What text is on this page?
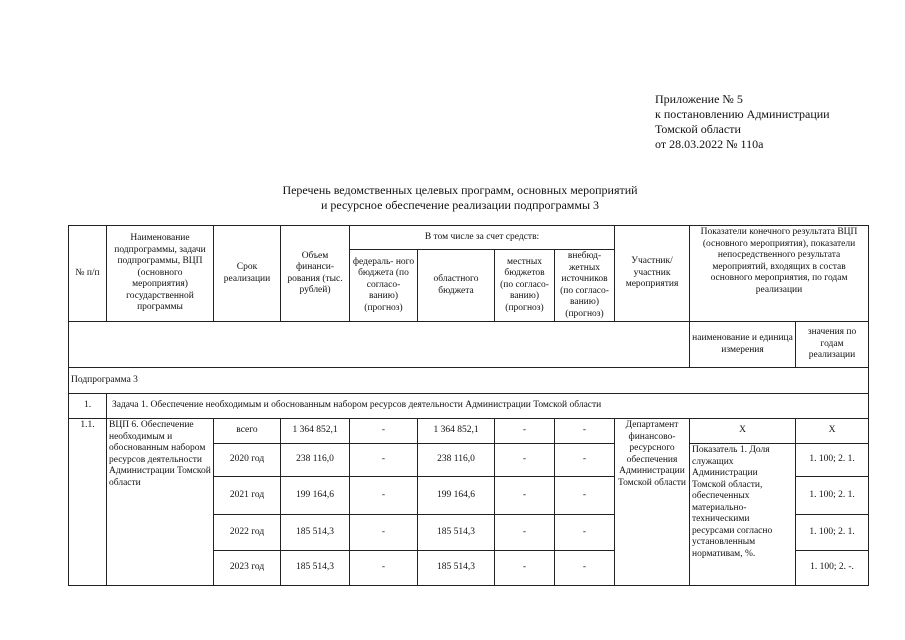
Приложение № 5
к постановлению Администрации
Томской области
от 28.03.2022 № 110а
Перечень ведомственных целевых программ, основных мероприятий
и ресурсное обеспечение реализации подпрограммы 3
№ п/п	Наименование подпрограммы, задачи подпрограммы, ВЦП (основного мероприятия) государственной программы	Срок реализации	Объем финанси- рования (тыс. рублей)	В том числе за счет средств:				Участник/ участник мероприятия	Показатели конечного результата ВЦП (основного мероприятия), показатели непосредственного результата мероприятий, входящих в состав основного мероприятия, по годам реализации	
				федераль- ного бюджета (по согласо- ванию) (прогноз)	областного бюджета	местных бюджетов (по согласо- ванию) (прогноз)	внебюд- жетных источников (по согласо- ванию) (прогноз)			
									наименование и единица измерения	значения по годам реализации
Подпрограмма 3										
1.	Задача 1. Обеспечение необходимым и обоснованным набором ресурсов деятельности Администрации Томской области									
1.1.	ВЦП 6. Обеспечение необходимым и обоснованным набором ресурсов деятельности Администрации Томской области	всего	1 364 852,1	-	1 364 852,1	-	-	Департамент финансово-ресурсного обеспечения Администрации Томской области	X	X
		2020 год	238 116,0	-	238 116,0	-	-		Показатель 1. Доля служащих Администрации Томской области, обеспеченных материально-техническими ресурсами согласно установленным нормативам, %.	1. 100; 2. 1.
		2021 год	199 164,6	-	199 164,6	-	-			1. 100; 2. 1.
		2022 год	185 514,3	-	185 514,3	-	-			1. 100; 2. 1.
		2023 год	185 514,3	-	185 514,3	-	-			1. 100; 2. -.
